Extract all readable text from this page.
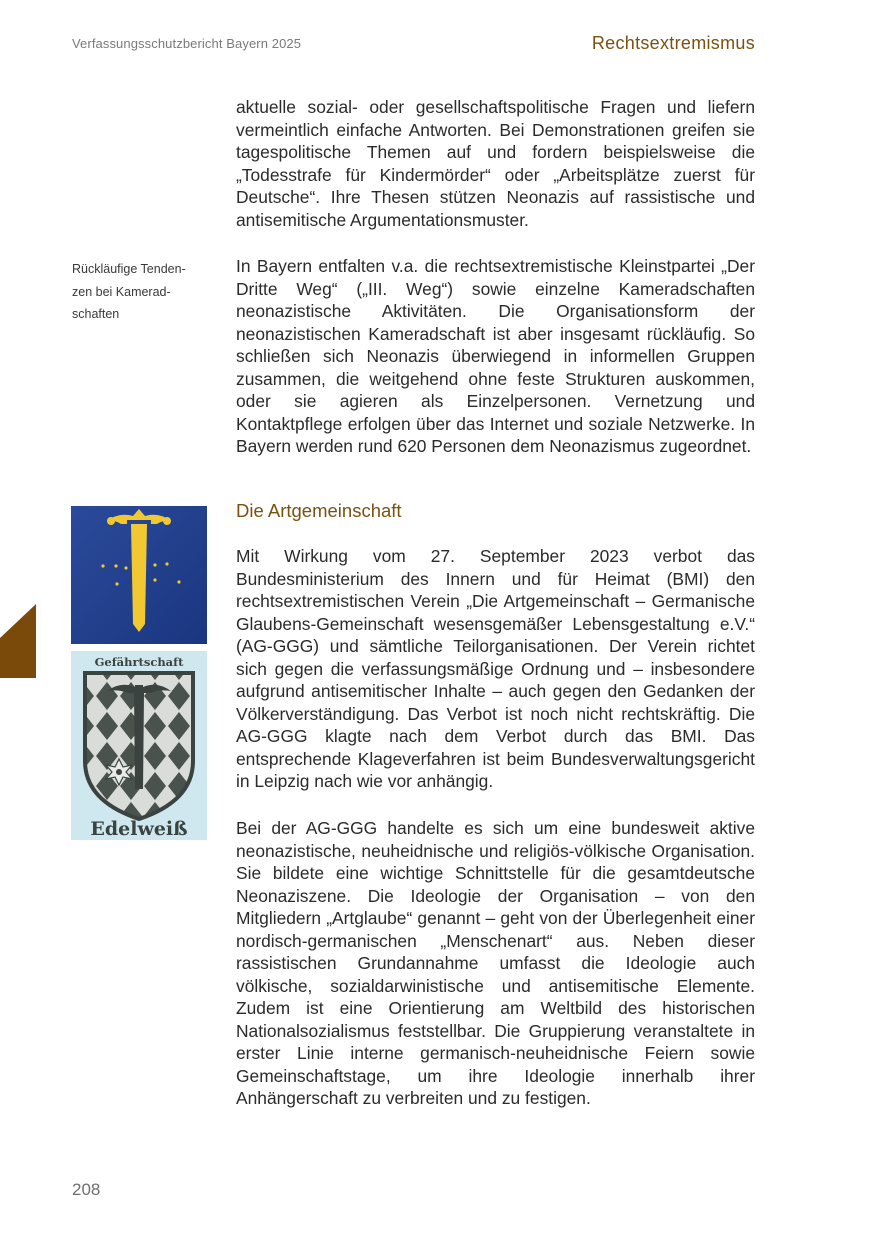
Verfassungsschutzbericht Bayern 2025	Rechtsextremismus

aktuelle sozial- oder gesellschaftspolitische Fragen und liefern vermeintlich einfache Antworten. Bei Demonstrationen greifen sie tagespolitische Themen auf und fordern beispielsweise die „Todesstrafe für Kindermörder“ oder „Arbeitsplätze zuerst für Deutsche“. Ihre Thesen stützen Neonazis auf rassistische und antisemitische Argumentationsmuster.

Rückläufige Tenden-
zen bei Kamerad-
schaften

In Bayern entfalten v.a. die rechtsextremistische Kleinstpartei „Der Dritte Weg“ („III. Weg“) sowie einzelne Kameradschaften neonazistische Aktivitäten. Die Organisationsform der neonazistischen Kameradschaft ist aber insgesamt rückläufig. So schließen sich Neonazis überwiegend in informellen Gruppen zusammen, die weitgehend ohne feste Strukturen auskommen, oder sie agieren als Einzelpersonen. Vernetzung und Kontaktpflege erfolgen über das Internet und soziale Netzwerke. In Bayern werden rund 620 Personen dem Neonazismus zugeordnet.

Die Artgemeinschaft

Mit Wirkung vom 27. September 2023 verbot das Bundesministerium des Innern und für Heimat (BMI) den rechtsextremistischen Verein „Die Artgemeinschaft – Germanische Glaubens-Gemeinschaft wesensgemäßer Lebensgestaltung e.V.“ (AG-GGG) und sämtliche Teilorganisationen. Der Verein richtet sich gegen die verfassungsmäßige Ordnung und – insbesondere aufgrund antisemitischer Inhalte – auch gegen den Gedanken der Völkerverständigung. Das Verbot ist noch nicht rechtskräftig. Die AG-GGG klagte nach dem Verbot durch das BMI. Das entsprechende Klageverfahren ist beim Bundesverwaltungsgericht in Leipzig nach wie vor anhängig.

Bei der AG-GGG handelte es sich um eine bundesweit aktive neonazistische, neuheidnische und religiös-völkische Organisation. Sie bildete eine wichtige Schnittstelle für die gesamtdeutsche Neonaziszene. Die Ideologie der Organisation – von den Mitgliedern „Artglaube“ genannt – geht von der Überlegenheit einer nordisch-germanischen „Menschenart“ aus. Neben dieser rassistischen Grundannahme umfasst die Ideologie auch völkische, sozialdarwinistische und antisemitische Elemente. Zudem ist eine Orientierung am Weltbild des historischen Nationalsozialismus feststellbar. Die Gruppierung veranstaltete in erster Linie interne germanisch-neuheidnische Feiern sowie Gemeinschaftstage, um ihre Ideologie innerhalb ihrer Anhängerschaft zu verbreiten und zu festigen.

Gefährtschaft
Edelweiß
208
